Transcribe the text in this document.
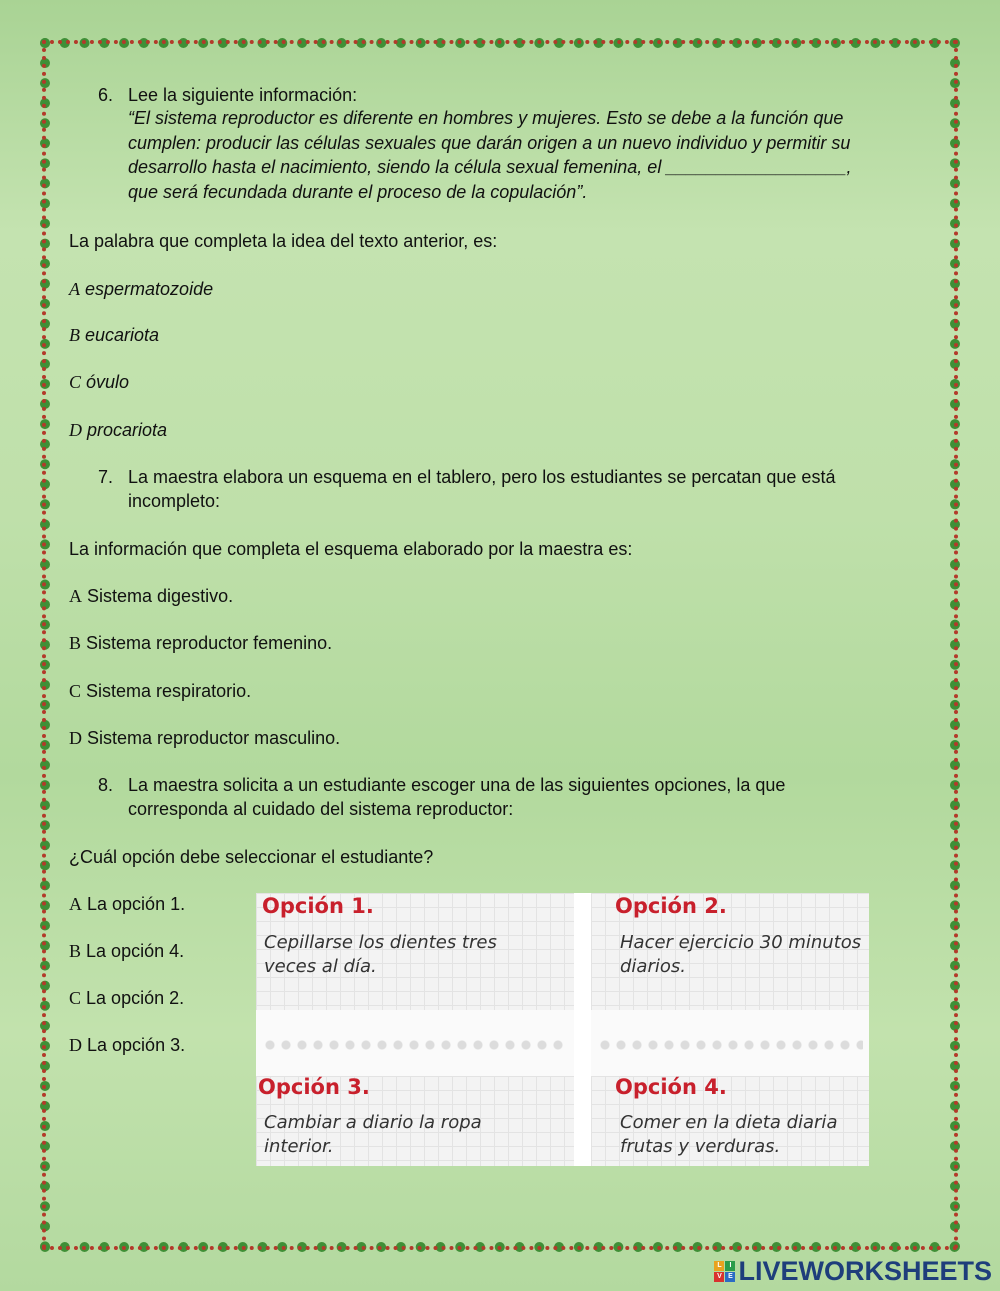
6. Lee la siguiente información:
“El sistema reproductor es diferente en hombres y mujeres. Esto se debe a la función que
cumplen: producir las células sexuales que darán origen a un nuevo individuo y permitir su
desarrollo hasta el nacimiento, siendo la célula sexual femenina, el __________________,
que será fecundada durante el proceso de la copulación”.
La palabra que completa la idea del texto anterior, es:
A espermatozoide
B eucariota
C óvulo
D procariota
7. La maestra elabora un esquema en el tablero, pero los estudiantes se percatan que está
incompleto:
La información que completa el esquema elaborado por la maestra es:
A Sistema digestivo.
B Sistema reproductor femenino.
C Sistema respiratorio.
D Sistema reproductor masculino.
8. La maestra solicita a un estudiante escoger una de las siguientes opciones, la que
corresponda al cuidado del sistema reproductor:
¿Cuál opción debe seleccionar el estudiante?
A La opción 1.
B La opción 4.
C La opción 2.
D La opción 3.
Opción 1.
Cepillarse los dientes tres
veces al día.
Opción 2.
Hacer ejercicio 30 minutos
diarios.
Opción 3.
Cambiar a diario la ropa
interior.
Opción 4.
Comer en la dieta diaria
frutas y verduras.
L	I
V E LIVEWORKSHEETS
